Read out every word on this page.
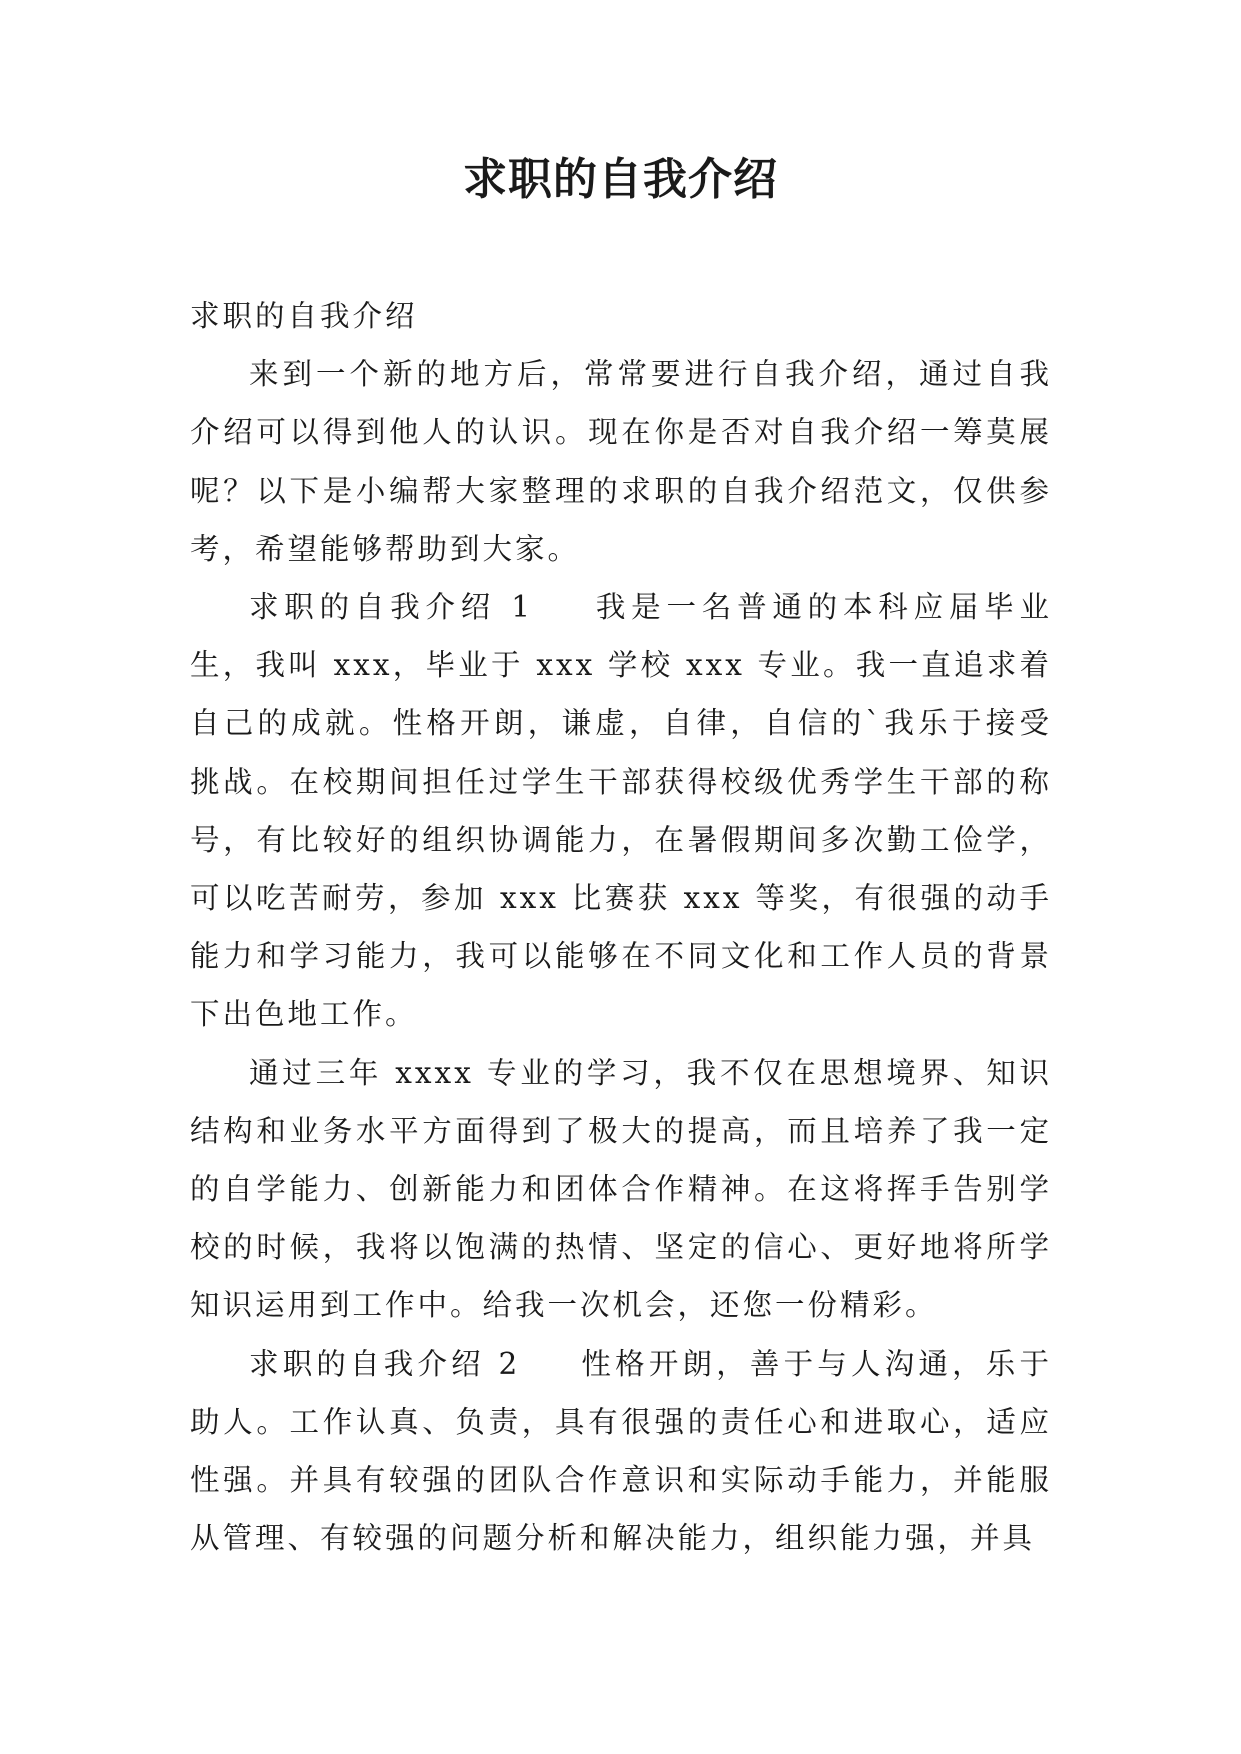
求职的自我介绍

求职的自我介绍

来到一个新的地方后，常常要进行自我介绍，通过自我介绍可以得到他人的认识。现在你是否对自我介绍一筹莫展呢？以下是小编帮大家整理的求职的自我介绍范文，仅供参考，希望能够帮助到大家。

求职的自我介绍 1 我是一名普通的本科应届毕业生，我叫 xxx，毕业于 xxx 学校 xxx 专业。我一直追求着自己的成就。性格开朗，谦虚，自律，自信的`我乐于接受挑战。在校期间担任过学生干部获得校级优秀学生干部的称号，有比较好的组织协调能力，在暑假期间多次勤工俭学，可以吃苦耐劳，参加 xxx 比赛获 xxx 等奖，有很强的动手能力和学习能力，我可以能够在不同文化和工作人员的背景下出色地工作。

通过三年 xxxx 专业的学习，我不仅在思想境界、知识结构和业务水平方面得到了极大的提高，而且培养了我一定的自学能力、创新能力和团体合作精神。在这将挥手告别学校的时候，我将以饱满的热情、坚定的信心、更好地将所学知识运用到工作中。给我一次机会，还您一份精彩。

求职的自我介绍 2 性格开朗，善于与人沟通，乐于助人。工作认真、负责，具有很强的责任心和进取心，适应性强。并具有较强的团队合作意识和实际动手能力，并能服从管理、有较强的问题分析和解决能力，组织能力强，并具
